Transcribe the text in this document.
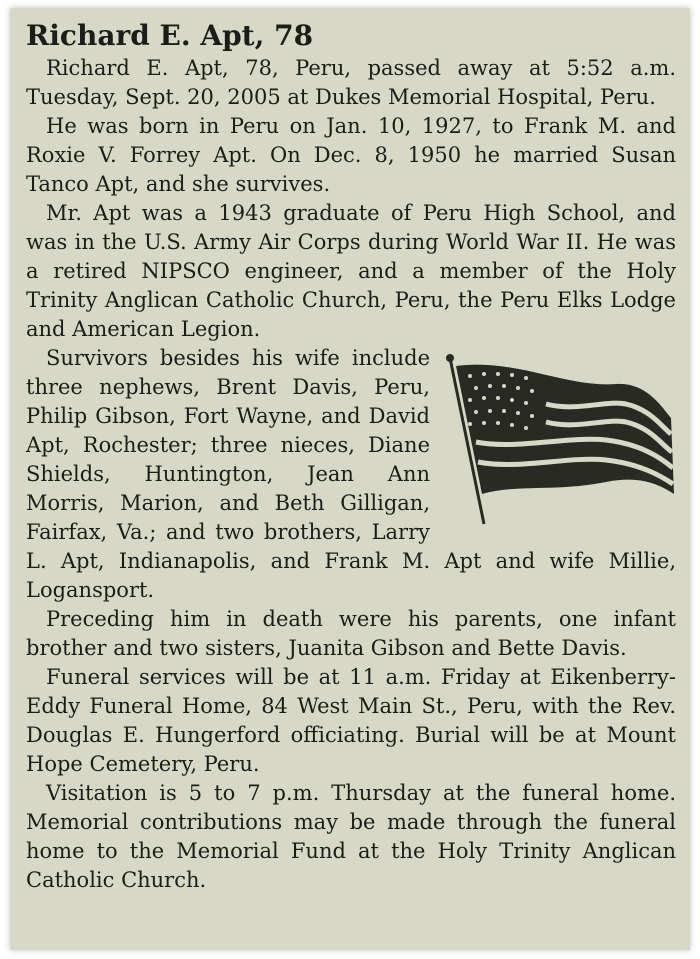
Richard E. Apt, 78

Richard E. Apt, 78, Peru, passed away at 5:52 a.m. Tuesday, Sept. 20, 2005 at Dukes Memorial Hospital, Peru.

He was born in Peru on Jan. 10, 1927, to Frank M. and Roxie V. Forrey Apt. On Dec. 8, 1950 he married Susan Tanco Apt, and she survives.

Mr. Apt was a 1943 graduate of Peru High School, and was in the U.S. Army Air Corps during World War II. He was a retired NIPSCO engineer, and a member of the Holy Trinity Anglican Catholic Church, Peru, the Peru Elks Lodge and American Legion.

Survivors besides his wife include three nephews, Brent Davis, Peru, Philip Gibson, Fort Wayne, and David Apt, Rochester; three nieces, Diane Shields, Huntington, Jean Ann Morris, Marion, and Beth Gilligan, Fairfax, Va.; and two brothers, Larry L. Apt, Indianapolis, and Frank M. Apt and wife Millie, Logansport.

Preceding him in death were his parents, one infant brother and two sisters, Juanita Gibson and Bette Davis.

Funeral services will be at 11 a.m. Friday at Eikenberry-Eddy Funeral Home, 84 West Main St., Peru, with the Rev. Douglas E. Hungerford officiating. Burial will be at Mount Hope Cemetery, Peru.

Visitation is 5 to 7 p.m. Thursday at the funeral home. Memorial contributions may be made through the funeral home to the Memorial Fund at the Holy Trinity Anglican Catholic Church.
